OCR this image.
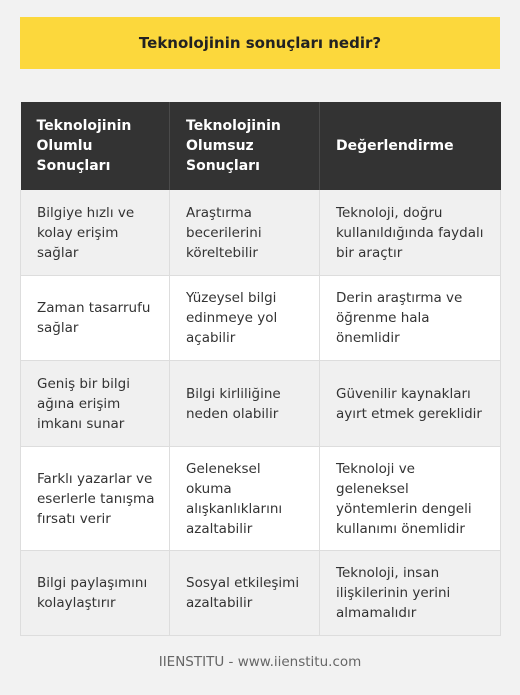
Teknolojinin sonuçları nedir?
Teknolojinin Olumlu Sonuçları	Teknolojinin Olumsuz Sonuçları	Değerlendirme
Bilgiye hızlı ve kolay erişim sağlar	Araştırma becerilerini köreltebilir	Teknoloji, doğru kullanıldığında faydalı bir araçtır
Zaman tasarrufu sağlar	Yüzeysel bilgi edinmeye yol açabilir	Derin araştırma ve öğrenme hala önemlidir
Geniş bir bilgi ağına erişim imkanı sunar	Bilgi kirliliğine neden olabilir	Güvenilir kaynakları ayırt etmek gereklidir
Farklı yazarlar ve eserlerle tanışma fırsatı verir	Geleneksel okuma alışkanlıklarını azaltabilir	Teknoloji ve geleneksel yöntemlerin dengeli kullanımı önemlidir
Bilgi paylaşımını kolaylaştırır	Sosyal etkileşimi azaltabilir	Teknoloji, insan ilişkilerinin yerini almamalıdır
IIENSTITU - www.iienstitu.com
